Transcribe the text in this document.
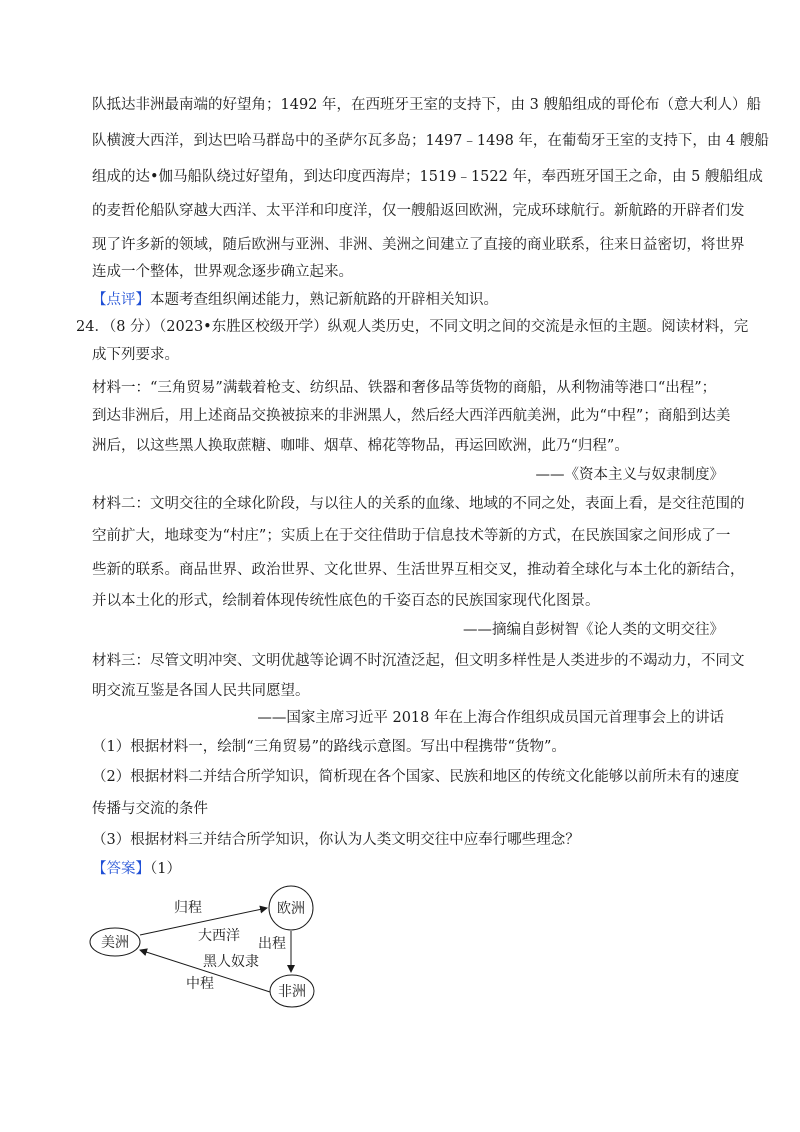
队抵达非洲最南端的好望角；1492 年，在西班牙王室的支持下，由 3 艘船组成的哥伦布（意大利人）船
队横渡大西洋，到达巴哈马群岛中的圣萨尔瓦多岛；1497﹣1498 年，在葡萄牙王室的支持下，由 4 艘船
组成的达•伽马船队绕过好望角，到达印度西海岸；1519﹣1522 年，奉西班牙国王之命，由 5 艘船组成
的麦哲伦船队穿越大西洋、太平洋和印度洋，仅一艘船返回欧洲，完成环球航行。新航路的开辟者们发
现了许多新的领域，随后欧洲与亚洲、非洲、美洲之间建立了直接的商业联系，往来日益密切，将世界
连成一个整体，世界观念逐步确立起来。
【点评】本题考查组织阐述能力，熟记新航路的开辟相关知识。
24．（8 分）（2023•东胜区校级开学）纵观人类历史，不同文明之间的交流是永恒的主题。阅读材料，完
成下列要求。
材料一：“三角贸易”满载着枪支、纺织品、铁器和奢侈品等货物的商船，从利物浦等港口“出程”；
到达非洲后，用上述商品交换被掠来的非洲黑人，然后经大西洋西航美洲，此为“中程”；商船到达美
洲后，以这些黑人换取蔗糖、咖啡、烟草、棉花等物品，再运回欧洲，此乃“归程”。
——《资本主义与奴隶制度》
材料二：文明交往的全球化阶段，与以往人的关系的血缘、地域的不同之处，表面上看，是交往范围的
空前扩大，地球变为“村庄”；实质上在于交往借助于信息技术等新的方式，在民族国家之间形成了一
些新的联系。商品世界、政治世界、文化世界、生活世界互相交叉，推动着全球化与本土化的新结合，
并以本土化的形式，绘制着体现传统性底色的千姿百态的民族国家现代化图景。
——摘编自彭树智《论人类的文明交往》
材料三：尽管文明冲突、文明优越等论调不时沉渣泛起，但文明多样性是人类进步的不竭动力，不同文
明交流互鉴是各国人民共同愿望。
——国家主席习近平 2018 年在上海合作组织成员国元首理事会上的讲话
（1）根据材料一，绘制“三角贸易”的路线示意图。写出中程携带“货物”。
（2）根据材料二并结合所学知识，简析现在各个国家、民族和地区的传统文化能够以前所未有的速度
传播与交流的条件
（3）根据材料三并结合所学知识，你认为人类文明交往中应奉行哪些理念？
【答案】（1）
美洲
欧洲
非洲
归程
大西洋 出程
黑人奴隶
中程
